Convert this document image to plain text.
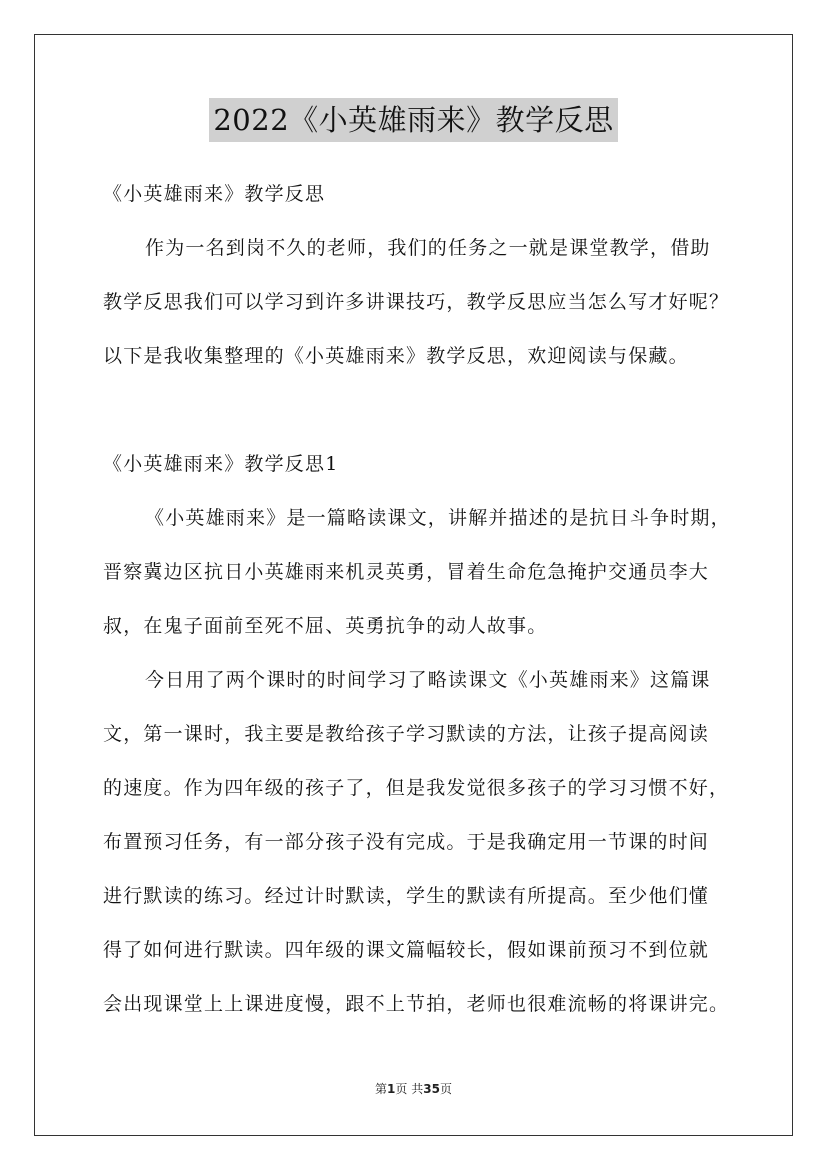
2022《小英雄雨来》教学反思
《小英雄雨来》教学反思
作为一名到岗不久的老师，我们的任务之一就是课堂教学，借助
教学反思我们可以学习到许多讲课技巧，教学反思应当怎么写才好呢？
以下是我收集整理的《小英雄雨来》教学反思，欢迎阅读与保藏。
《小英雄雨来》教学反思1
《小英雄雨来》是一篇略读课文，讲解并描述的是抗日斗争时期，
晋察冀边区抗日小英雄雨来机灵英勇，冒着生命危急掩护交通员李大
叔，在鬼子面前至死不屈、英勇抗争的动人故事。
今日用了两个课时的时间学习了略读课文《小英雄雨来》这篇课
文，第一课时，我主要是教给孩子学习默读的方法，让孩子提高阅读
的速度。作为四年级的孩子了，但是我发觉很多孩子的学习习惯不好，
布置预习任务，有一部分孩子没有完成。于是我确定用一节课的时间
进行默读的练习。经过计时默读，学生的默读有所提高。至少他们懂
得了如何进行默读。四年级的课文篇幅较长，假如课前预习不到位就
会出现课堂上上课进度慢，跟不上节拍，老师也很难流畅的将课讲完。
第1页 共35页
